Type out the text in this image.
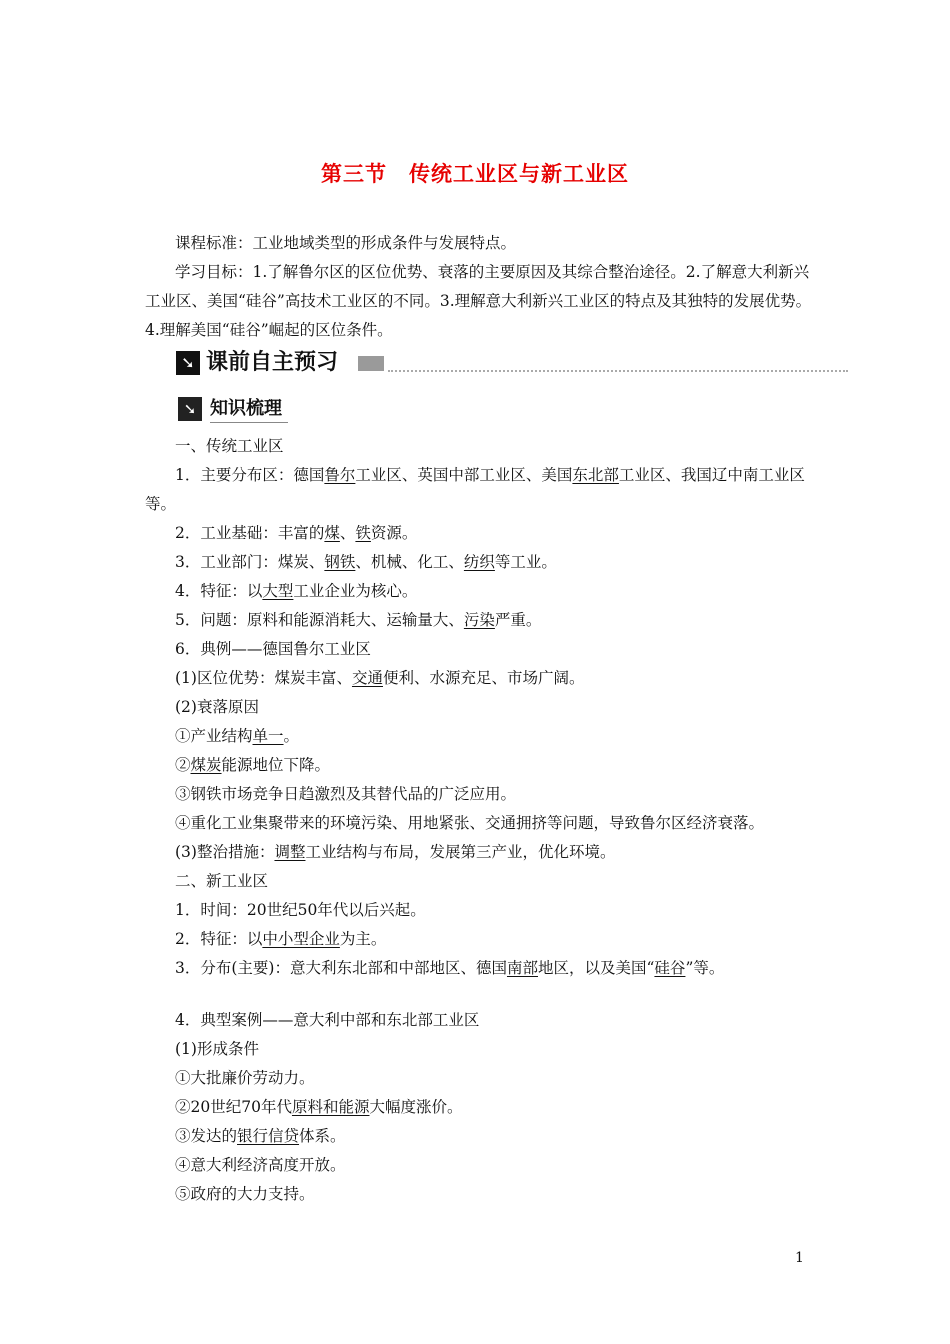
第三节　传统工业区与新工业区

课程标准：工业地域类型的形成条件与发展特点。

学习目标：1.了解鲁尔区的区位优势、衰落的主要原因及其综合整治途径。2.了解意大利新兴工业区、美国“硅谷”高技术工业区的不同。3.理解意大利新兴工业区的特点及其独特的发展优势。4.理解美国“硅谷”崛起的区位条件。

➘ 课前自主预习
➘ 知识梳理

一、传统工业区

1．主要分布区：德国鲁尔工业区、英国中部工业区、美国东北部工业区、我国辽中南工业区等。

2．工业基础：丰富的煤、铁资源。

3．工业部门：煤炭、钢铁、机械、化工、纺织等工业。

4．特征：以大型工业企业为核心。

5．问题：原料和能源消耗大、运输量大、污染严重。

6．典例——德国鲁尔工业区

(1)区位优势：煤炭丰富、交通便利、水源充足、市场广阔。

(2)衰落原因

①产业结构单一。

②煤炭能源地位下降。

③钢铁市场竞争日趋激烈及其替代品的广泛应用。

④重化工业集聚带来的环境污染、用地紧张、交通拥挤等问题，导致鲁尔区经济衰落。

(3)整治措施：调整工业结构与布局，发展第三产业，优化环境。

二、新工业区

1．时间：20世纪50年代以后兴起。

2．特征：以中小型企业为主。

3．分布(主要)：意大利东北部和中部地区、德国南部地区，以及美国“硅谷”等。

4．典型案例——意大利中部和东北部工业区

(1)形成条件

①大批廉价劳动力。

②20世纪70年代原料和能源大幅度涨价。

③发达的银行信贷体系。

④意大利经济高度开放。

⑤政府的大力支持。

1
